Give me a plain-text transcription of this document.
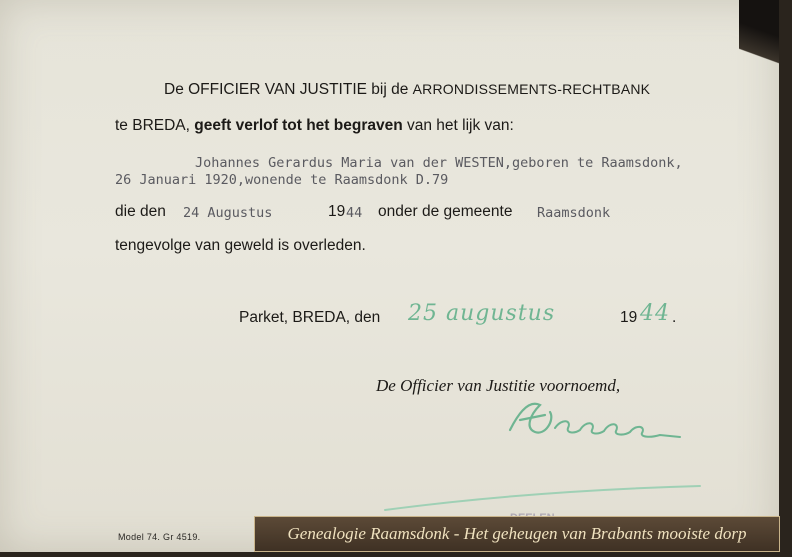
De OFFICIER VAN JUSTITIE bij de ARRONDISSEMENTS-RECHTBANK
te BREDA, geeft verlof tot het begraven van het lijk van:
Johannes Gerardus Maria van der WESTEN,geboren te Raamsdonk,
26 Januari 1920,wonende te Raamsdonk D.79
die den 24 Augustus	19 44 onder de gemeente Raamsdonk
tengevolge van geweld is overleden.
Parket, BREDA, den 25 augustus	19 44 .
De Officier van Justitie voornoemd,
Model 74. Gr 4519.	Genealogie Raamsdonk - Het geheugen van Brabants mooiste dorp
